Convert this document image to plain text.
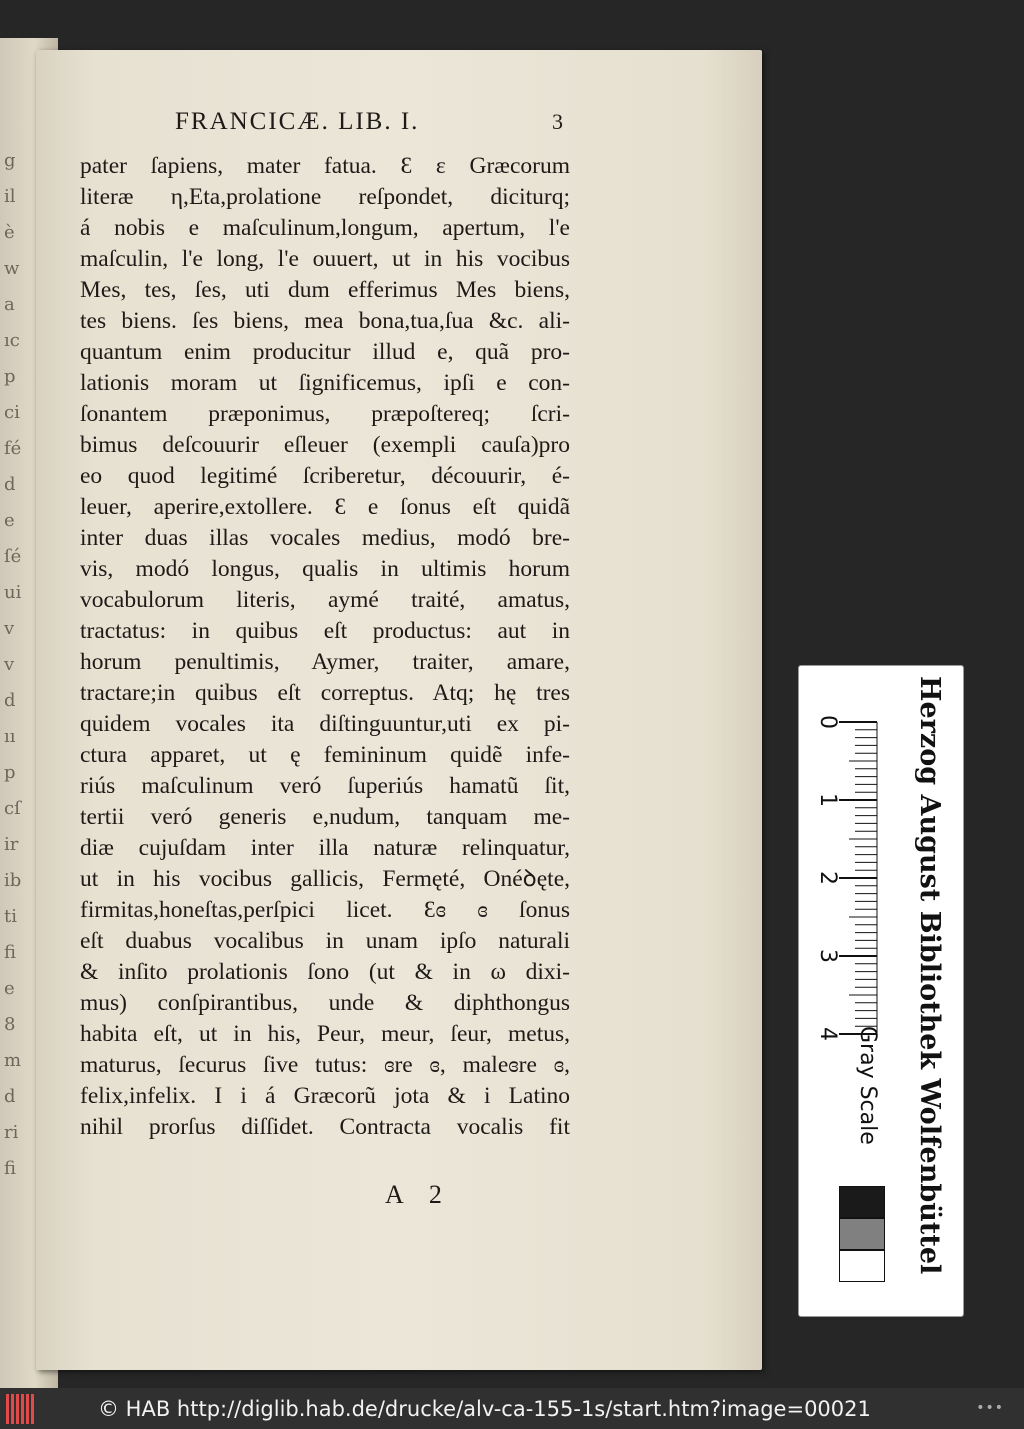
g
il
è
w
a
ıc
p
ci
fé
d
e
ſé
ui
v
v
d
ıı
p
cſ
ir
ib
ti
fi
e
8
m
d
ri
fi
FRANCICÆ. LIB. I.	3
pater ſapiens, mater fatua. Ɛ ɛ Græcorum
literæ η,Eta,prolatione reſpondet, diciturq;
á nobis e maſculinum,longum, apertum, l'e
maſculin, l'e long, l'e ouuert, ut in his vocibus
Mes, tes, ſes, uti dum efferimus Mes biens,
tes biens. ſes biens, mea bona,tua,ſua &c. ali-
quantum enim producitur illud e, quã pro-
lationis moram ut ſignificemus, ipſi e con-
ſonantem præponimus, præpoſtereq; ſcri-
bimus deſcouurir eſleuer (exempli cauſa)pro
eo quod legitimé ſcriberetur, découurir, é-
leuer, aperire,extollere. Ɛ e ſonus eſt quidã
inter duas illas vocales medius, modó bre-
vis, modó longus, qualis in ultimis horum
vocabulorum literis, aymé traité, amatus,
tractatus: in quibus eſt productus: aut in
horum penultimis, Aymer, traiter, amare,
tractare;in quibus eſt correptus. Atq; hę tres
quidem vocales ita diſtinguuntur,uti ex pi-
ctura apparet, ut ę femininum quidẽ infe-
riús maſculinum veró ſuperiús hamatũ ſit,
tertii veró generis e,nudum, tanquam me-
diæ cujuſdam inter illa naturæ relinquatur,
ut in his vocibus gallicis, Fermęté, Onéꝺęte,
firmitas,honeſtas,perſpici licet. Ɛɞ ɞ ſonus
eſt duabus vocalibus in unam ipſo naturali
& inſito prolationis ſono (ut & in ω dixi-
mus) conſpirantibus, unde & diphthongus
habita eſt, ut in his, Peur, meur, ſeur, metus,
maturus, ſecurus ſive tutus: ɞre ɞ, maleɞre ɞ,
felix,infelix. I i á Græcorũ jota & i Latino
nihil prorſus diſſidet. Contracta vocalis fit
A 2
0
1
2
3
4 Gray Scale	Herzog August Bibliothek Wolfenbüttel
© HAB http://diglib.hab.de/drucke/alv-ca-155-1s/start.htm?image=00021	•••
